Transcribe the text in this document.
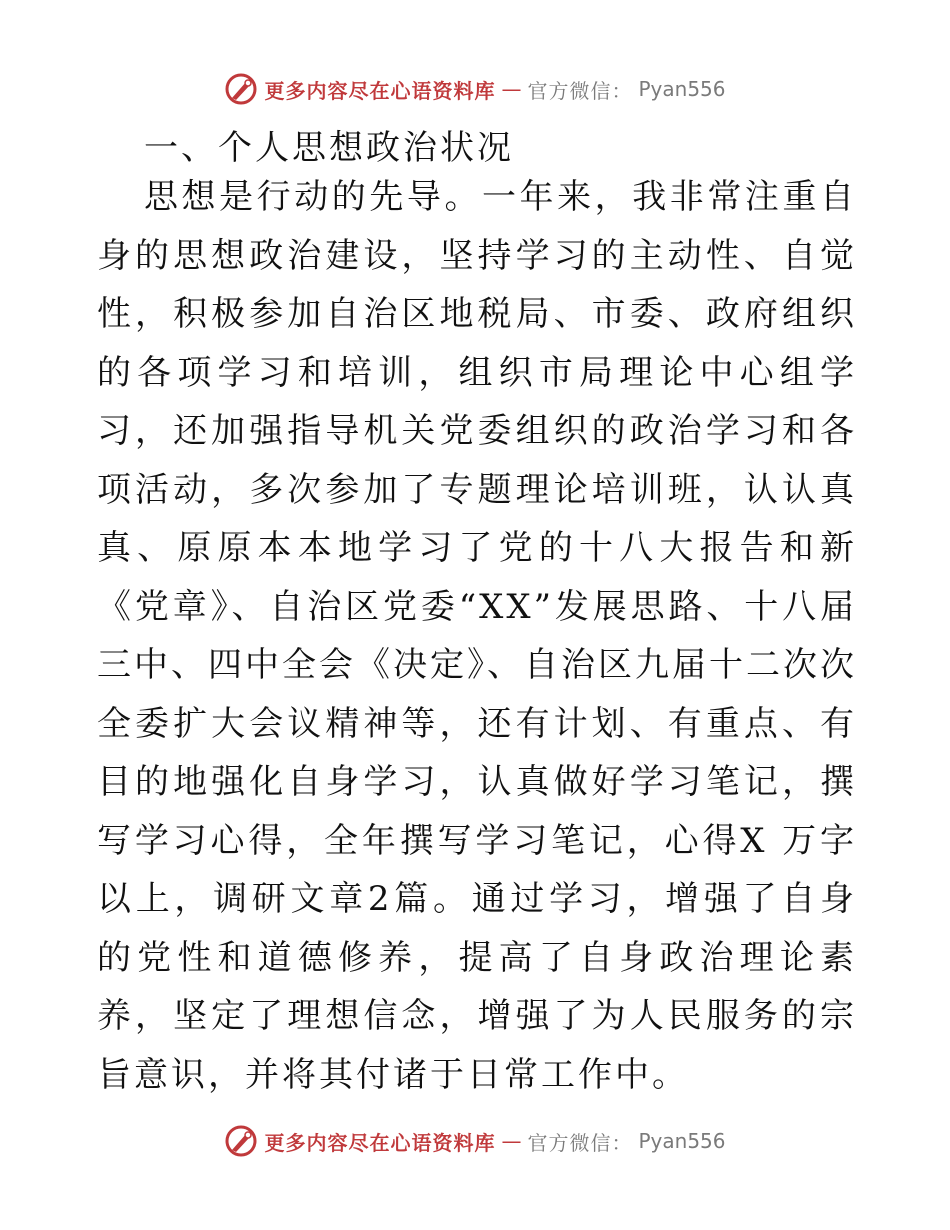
更多内容尽在心语资料库 — 官方微信： Pyan556
一、个人思想政治状况

思想是行动的先导。一年来，我非常注重自身的思想政治建设，坚持学习的主动性、自觉性，积极参加自治区地税局、市委、政府组织的各项学习和培训，组织市局理论中心组学习，还加强指导机关党委组织的政治学习和各项活动，多次参加了专题理论培训班，认认真真、原原本本地学习了党的十八大报告和新《党章》、自治区党委“XX”发展思路、十八届三中、四中全会《决定》、自治区九届十二次次全委扩大会议精神等，还有计划、有重点、有目的地强化自身学习，认真做好学习笔记，撰写学习心得，全年撰写学习笔记，心得X 万字以上，调研文章2篇。通过学习，增强了自身的党性和道德修养，提高了自身政治理论素养，坚定了理想信念，增强了为人民服务的宗旨意识，并将其付诸于日常工作中。

更多内容尽在心语资料库 — 官方微信： Pyan556
